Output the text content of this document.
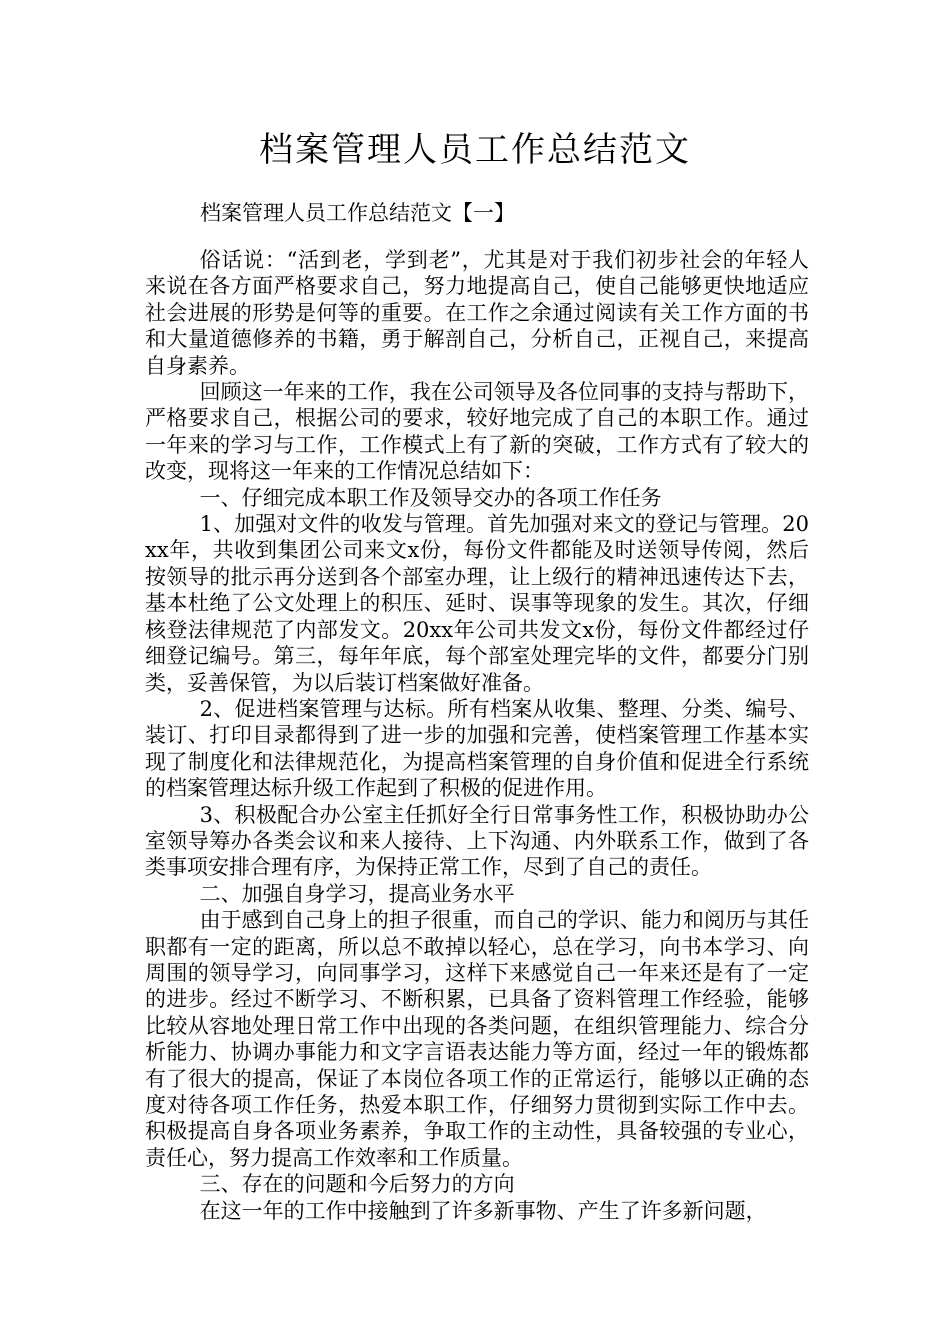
档案管理人员工作总结范文

档案管理人员工作总结范文【一】

俗话说：“活到老，学到老”，尤其是对于我们初步社会的年轻人来说在各方面严格要求自己，努力地提高自己，使自己能够更快地适应社会进展的形势是何等的重要。在工作之余通过阅读有关工作方面的书和大量道德修养的书籍，勇于解剖自己，分析自己，正视自己，来提高自身素养。

回顾这一年来的工作，我在公司领导及各位同事的支持与帮助下，严格要求自己，根据公司的要求，较好地完成了自己的本职工作。通过一年来的学习与工作，工作模式上有了新的突破，工作方式有了较大的改变，现将这一年来的工作情况总结如下：

一、仔细完成本职工作及领导交办的各项工作任务

1、加强对文件的收发与管理。首先加强对来文的登记与管理。20xx年，共收到集团公司来文x份，每份文件都能及时送领导传阅，然后按领导的批示再分送到各个部室办理，让上级行的精神迅速传达下去，基本杜绝了公文处理上的积压、延时、误事等现象的发生。其次，仔细核登法律规范了内部发文。20xx年公司共发文x份，每份文件都经过仔细登记编号。第三，每年年底，每个部室处理完毕的文件，都要分门别类，妥善保管，为以后装订档案做好准备。

2、促进档案管理与达标。所有档案从收集、整理、分类、编号、装订、打印目录都得到了进一步的加强和完善，使档案管理工作基本实现了制度化和法律规范化，为提高档案管理的自身价值和促进全行系统的档案管理达标升级工作起到了积极的促进作用。

3、积极配合办公室主任抓好全行日常事务性工作，积极协助办公室领导筹办各类会议和来人接待、上下沟通、内外联系工作，做到了各类事项安排合理有序，为保持正常工作，尽到了自己的责任。

二、加强自身学习，提高业务水平

由于感到自己身上的担子很重，而自己的学识、能力和阅历与其任职都有一定的距离，所以总不敢掉以轻心，总在学习，向书本学习、向周围的领导学习，向同事学习，这样下来感觉自己一年来还是有了一定的进步。经过不断学习、不断积累，已具备了资料管理工作经验，能够比较从容地处理日常工作中出现的各类问题，在组织管理能力、综合分析能力、协调办事能力和文字言语表达能力等方面，经过一年的锻炼都有了很大的提高，保证了本岗位各项工作的正常运行，能够以正确的态度对待各项工作任务，热爱本职工作，仔细努力贯彻到实际工作中去。积极提高自身各项业务素养，争取工作的主动性，具备较强的专业心，责任心，努力提高工作效率和工作质量。

三、存在的问题和今后努力的方向

在这一年的工作中接触到了许多新事物、产生了许多新问题，
